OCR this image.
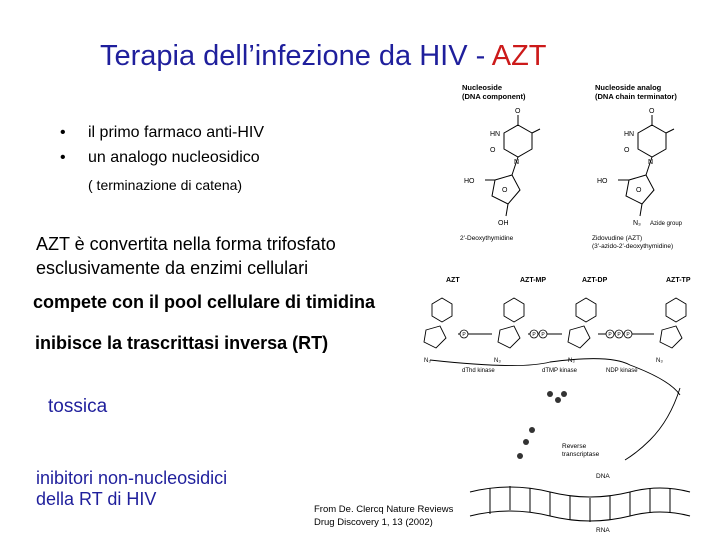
Terapia dell’infezione da HIV - AZT
• il primo farmaco anti-HIV
• un analogo nucleosidico
( terminazione di catena)
AZT è convertita nella forma trifosfato
esclusivamente da enzimi cellulari
compete con il pool cellulare di timidina
inibisce la trascrittasi inversa (RT)
tossica
inibitori non-nucleosidici
della RT di HIV
From De. Clercq Nature Reviews
Drug Discovery 1, 13 (2002)
Nucleoside
(DNA component)
Nucleoside analog
(DNA chain terminator)
O
HN
O
N
O
HO
OH
2′-Deoxythymidine
O
HN
O
N
O
HO
N₃ Azide group
Zidovudine (AZT)
(3′-azido-2′-deoxythymidine)
AZT	AZT-MP	AZT-DP	AZT-TP
dThd kinase	dTMP kinase	NDP kinase
N₃	N₃	N₃	N₃
P	P P	P P P
Reverse
transcriptase
DNA
RNA
